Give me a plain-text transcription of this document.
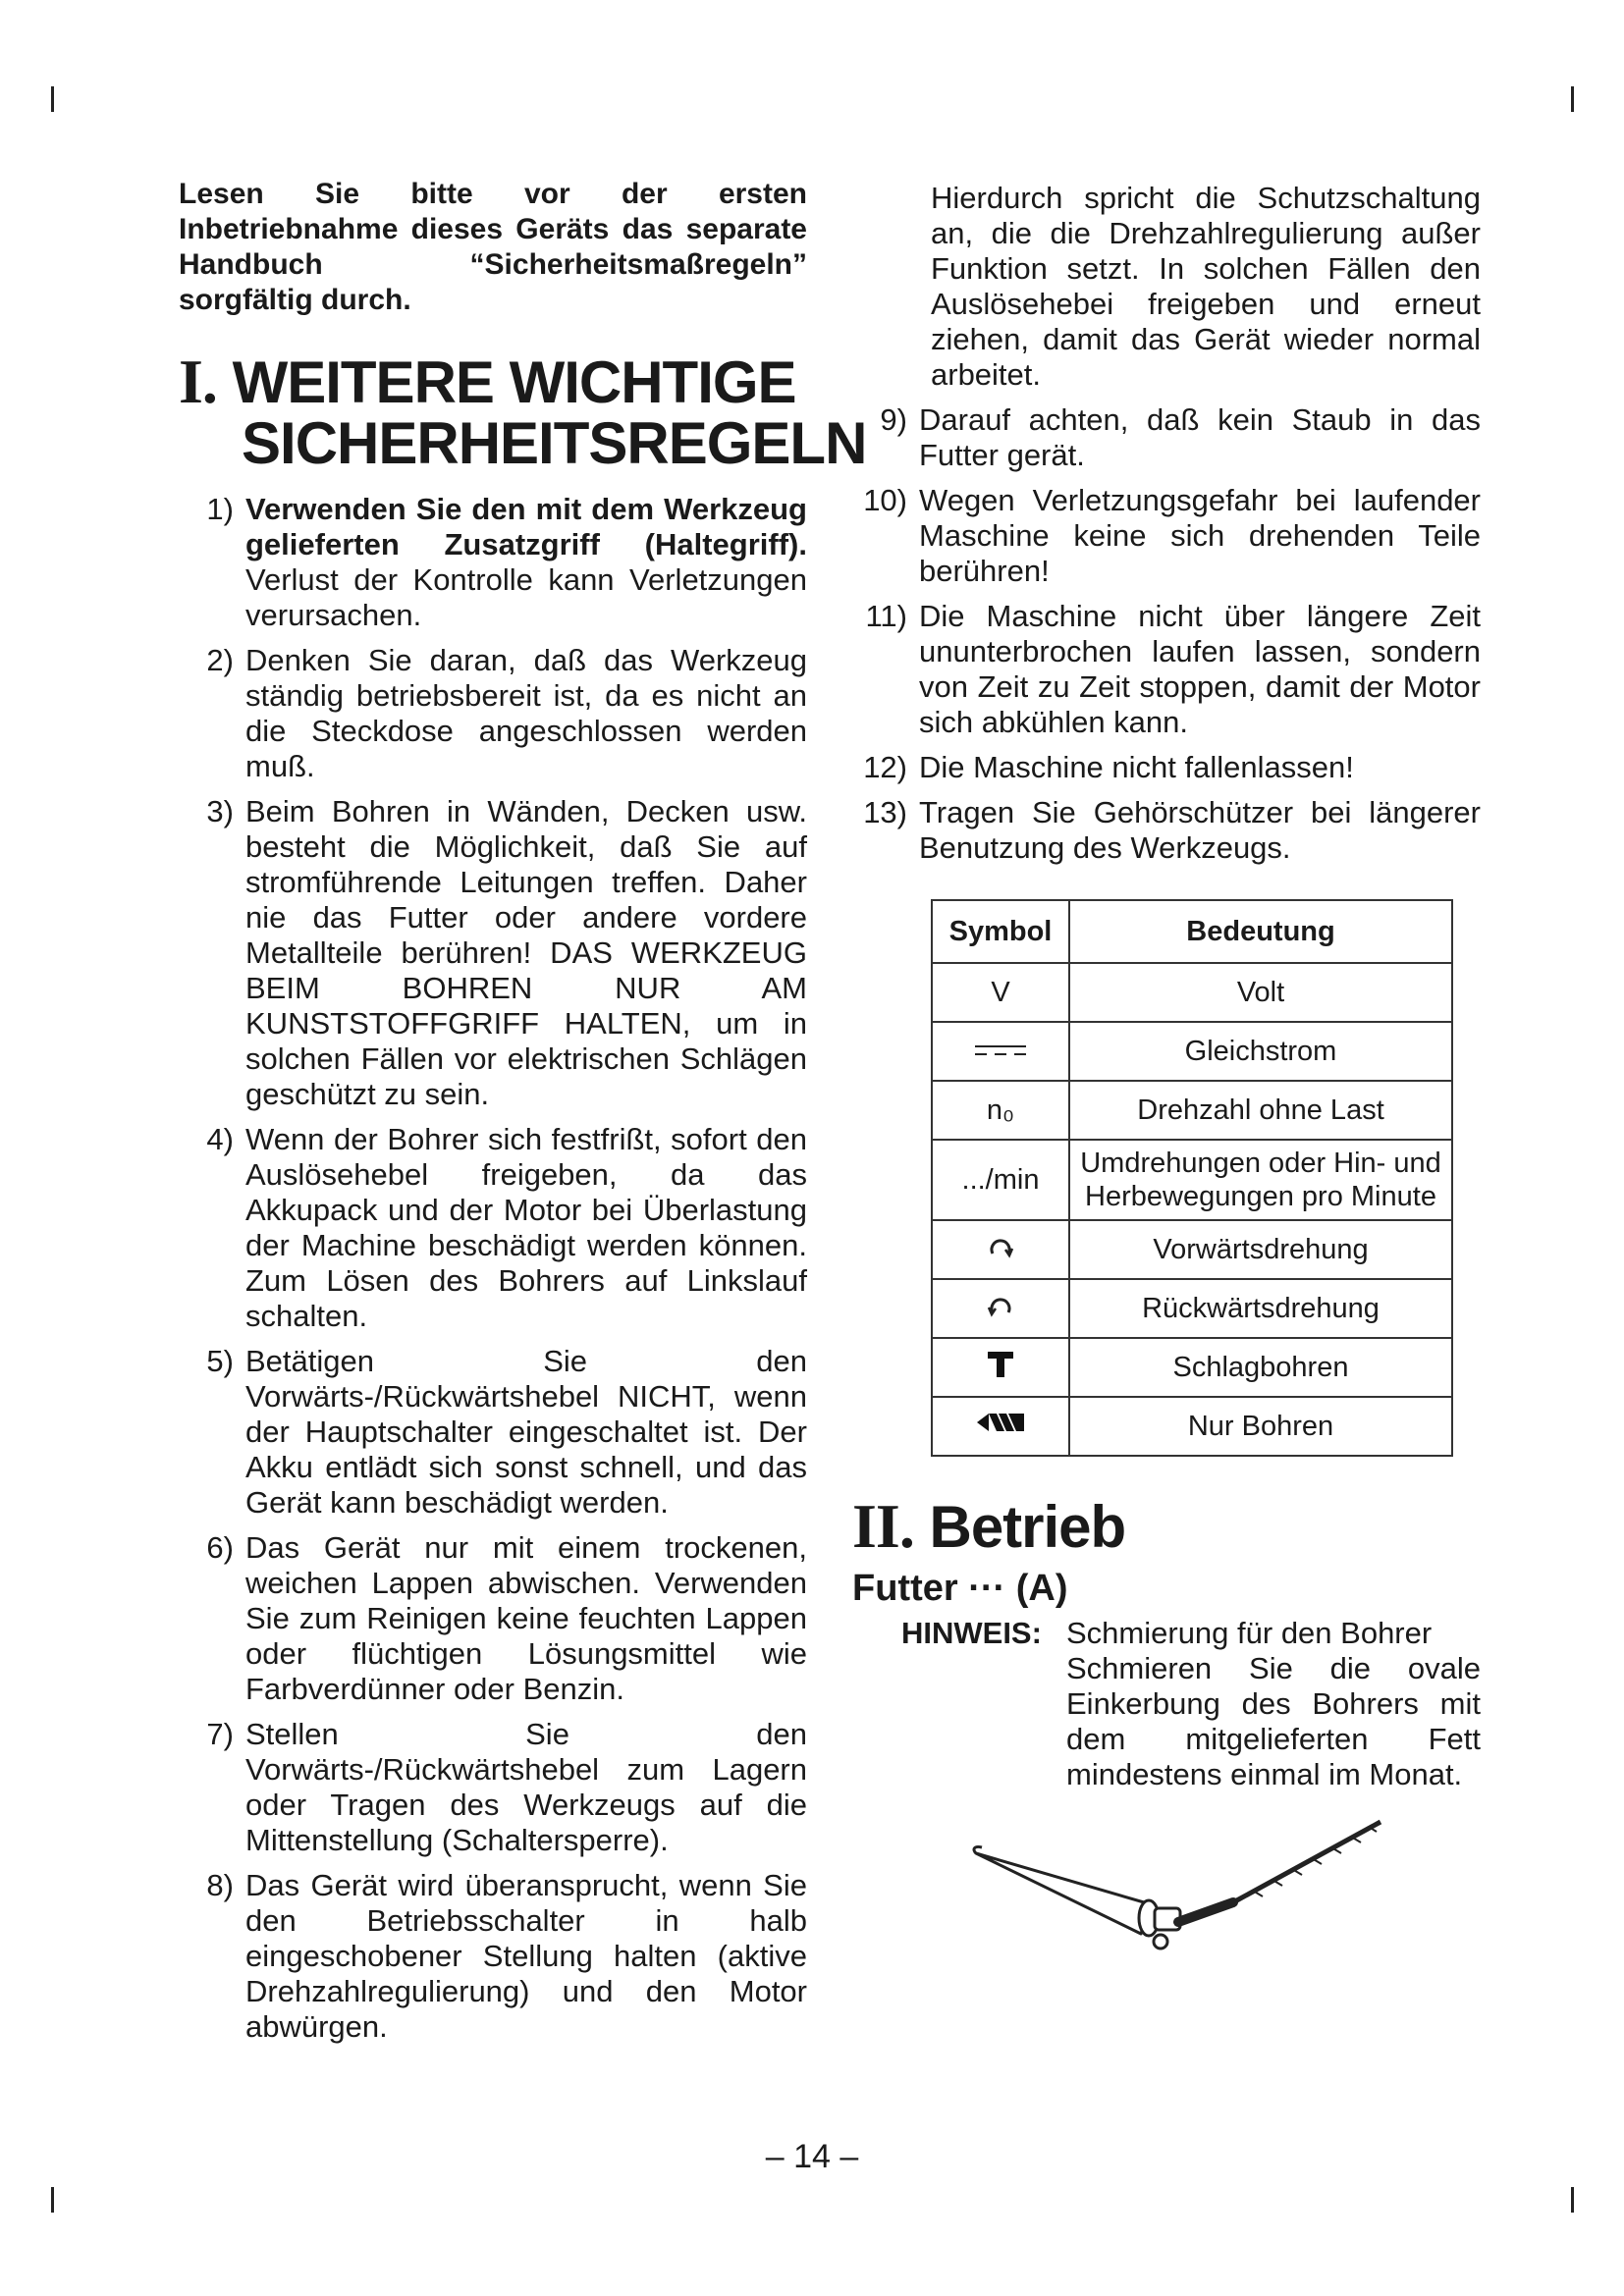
Lesen Sie bitte vor der ersten Inbetriebnahme dieses Geräts das separate Handbuch “Sicherheitsmaßregeln” sorgfältig durch.

I. WEITERE WICHTIGE
SICHERHEITSREGELN
1) Verwenden Sie den mit dem Werkzeug gelieferten Zusatzgriff (Haltegriff). Verlust der Kontrolle kann Verletzungen verursachen.
2) Denken Sie daran, daß das Werkzeug ständig betriebsbereit ist, da es nicht an die Steckdose angeschlossen werden muß.
3) Beim Bohren in Wänden, Decken usw. besteht die Möglichkeit, daß Sie auf stromführende Leitungen treffen. Daher nie das Futter oder andere vordere Metallteile berühren! DAS WERKZEUG BEIM BOHREN NUR AM KUNSTSTOFFGRIFF HALTEN, um in solchen Fällen vor elektrischen Schlägen geschützt zu sein.
4) Wenn der Bohrer sich festfrißt, sofort den Auslösehebel freigeben, da das Akkupack und der Motor bei Überlastung der Machine beschädigt werden können. Zum Lösen des Bohrers auf Linkslauf schalten.
5) Betätigen Sie den Vorwärts-/Rückwärtshebel NICHT, wenn der Hauptschalter eingeschaltet ist. Der Akku entlädt sich sonst schnell, und das Gerät kann beschädigt werden.
6) Das Gerät nur mit einem trockenen, weichen Lappen abwischen. Verwenden Sie zum Reinigen keine feuchten Lappen oder flüchtigen Lösungsmittel wie Farbverdünner oder Benzin.
7) Stellen Sie den Vorwärts-/Rückwärtshebel zum Lagern oder Tragen des Werkzeugs auf die Mittenstellung (Schaltersperre).
8) Das Gerät wird überansprucht, wenn Sie den Betriebsschalter in halb eingeschobener Stellung halten (aktive Drehzahlregulierung) und den Motor abwürgen.

Hierdurch spricht die Schutzschaltung an, die die Drehzahlregulierung außer Funktion setzt. In solchen Fällen den Auslösehebei freigeben und erneut ziehen, damit das Gerät wieder normal arbeitet.

9) Darauf achten, daß kein Staub in das Futter gerät.
10) Wegen Verletzungsgefahr bei laufender Maschine keine sich drehenden Teile berühren!
11) Die Maschine nicht über längere Zeit ununterbrochen laufen lassen, sondern von Zeit zu Zeit stoppen, damit der Motor sich abkühlen kann.
12) Die Maschine nicht fallenlassen!
13) Tragen Sie Gehörschützer bei längerer Benutzung des Werkzeugs.
Symbol	Bedeutung
V	Volt
	Gleichstrom
n₀	Drehzahl ohne Last
.../min	Umdrehungen oder Hin- und Herbewegungen pro Minute
	Vorwärtsdrehung
	Rückwärtsdrehung
	Schlagbohren
	Nur Bohren
II. Betrieb

Futter ··· (A)

HINWEIS: Schmierung für den Bohrer
Schmieren Sie die ovale Einkerbung des Bohrers mit dem mitgelieferten Fett mindestens einmal im Monat.
– 14 –
